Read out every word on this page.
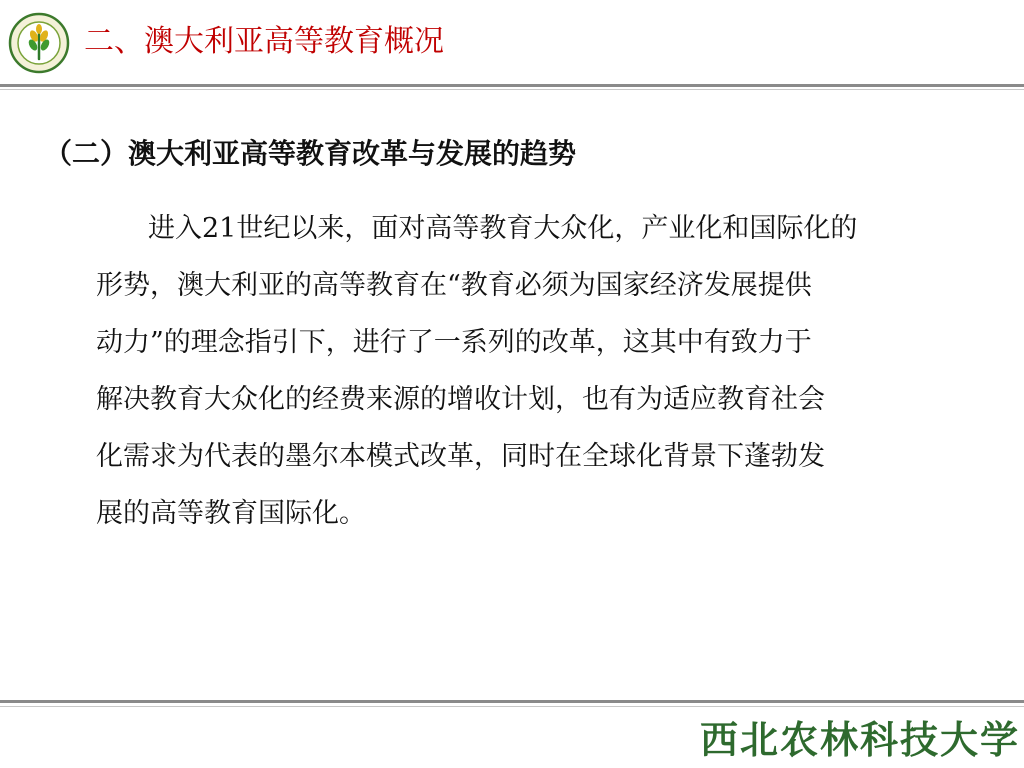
二、澳大利亚高等教育概况
（二）澳大利亚高等教育改革与发展的趋势
进入21世纪以来，面对高等教育大众化，产业化和国际化的
形势，澳大利亚的高等教育在“教育必须为国家经济发展提供
动力”的理念指引下，进行了一系列的改革，这其中有致力于
解决教育大众化的经费来源的增收计划，也有为适应教育社会
化需求为代表的墨尔本模式改革，同时在全球化背景下蓬勃发
展的高等教育国际化。
西北农林科技大学
